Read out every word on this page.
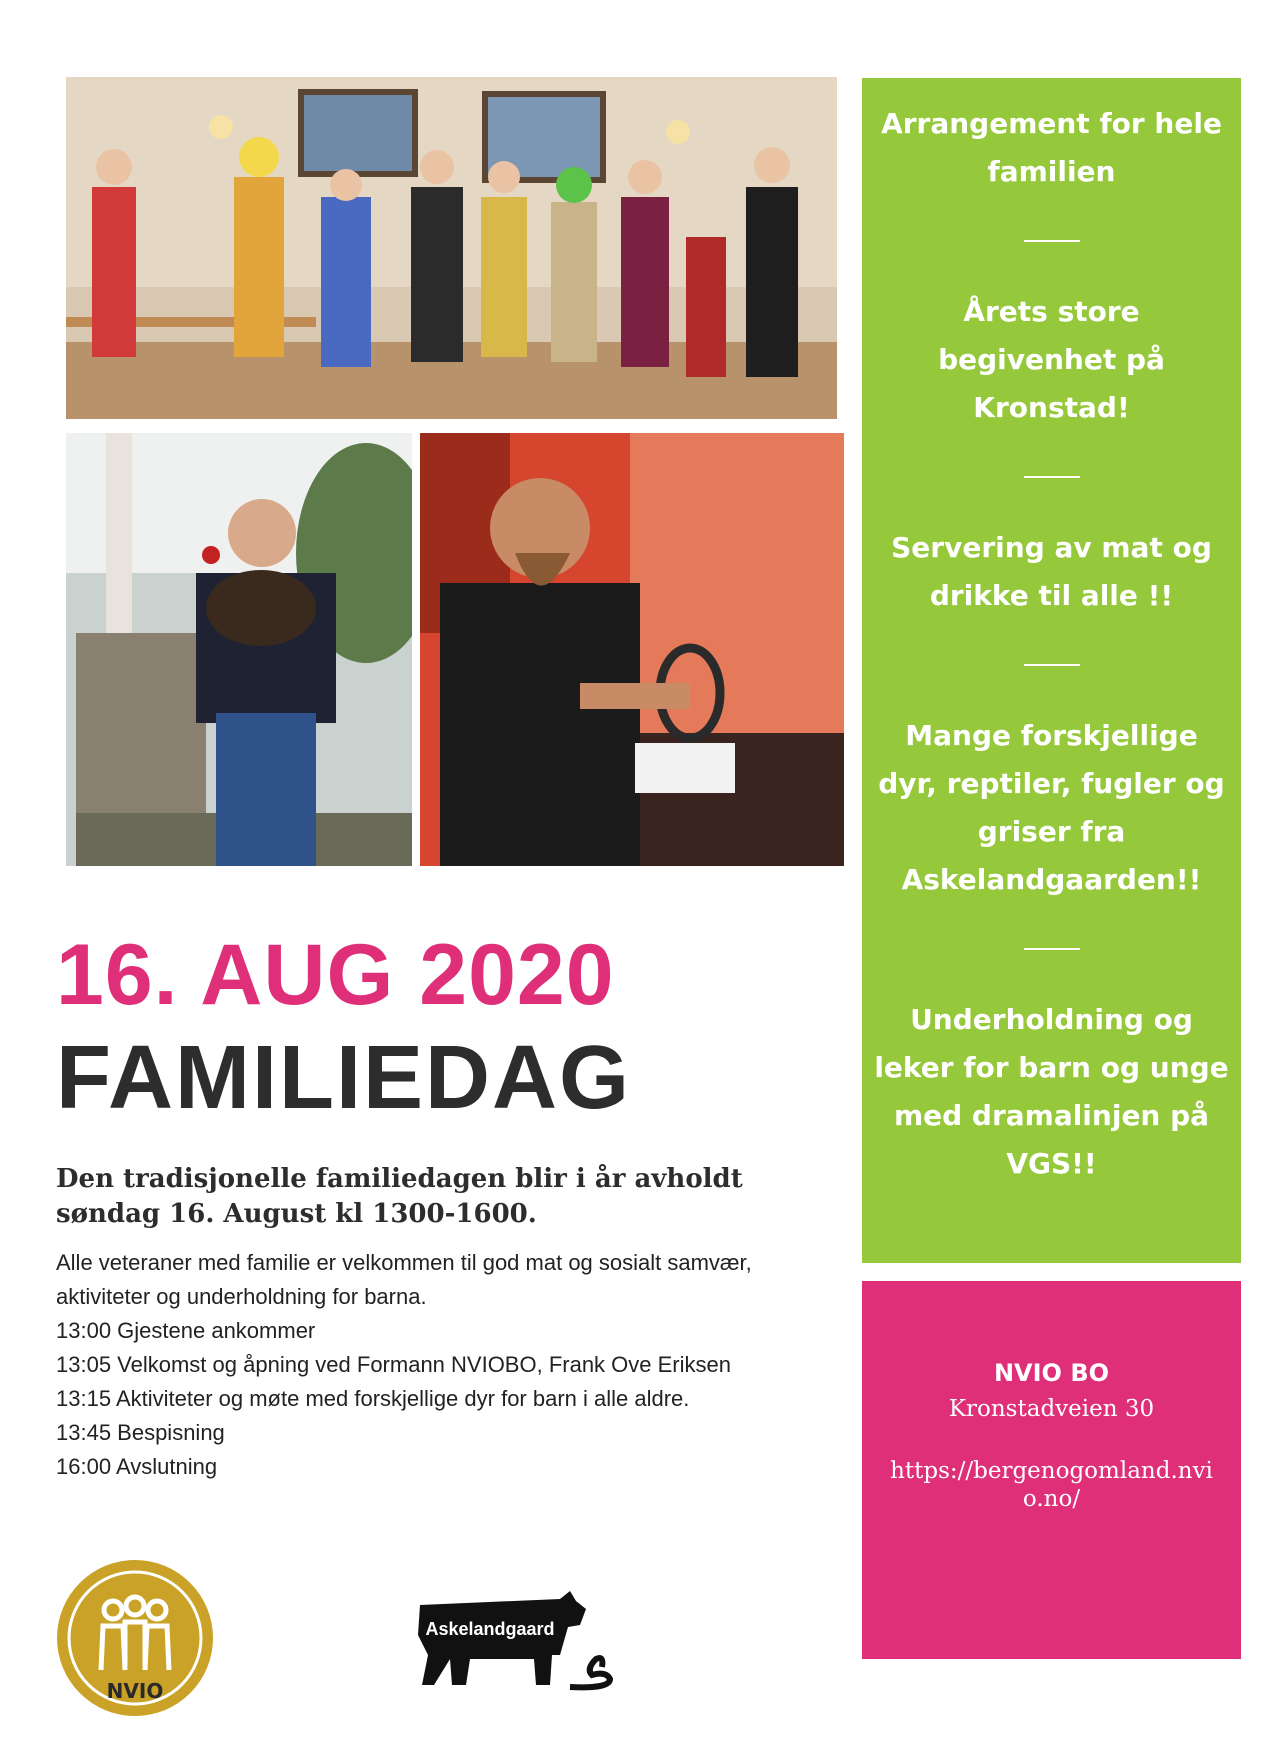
Arrangement for hele familien
Årets store begivenhet på Kronstad!
Servering av mat og drikke til alle !!
Mange forskjellige dyr, reptiler, fugler og griser fra Askelandgaarden!!
Underholdning og leker for barn og unge med dramalinjen på VGS!!
NVIO BO
Kronstadveien 30
https://bergenogomland.nvio.no/
16. AUG 2020
FAMILIEDAG
Den tradisjonelle familiedagen blir i år avholdt søndag 16. August kl 1300-1600.
Alle veteraner med familie er velkommen til god mat og sosialt samvær, aktiviteter og underholdning for barna.
13:00 Gjestene ankommer
13:05 Velkomst og åpning ved Formann NVIOBO, Frank Ove Eriksen
13:15 Aktiviteter og møte med forskjellige dyr for barn i alle aldre.
13:45 Bespisning
16:00 Avslutning
NVIO
Askelandgaard
